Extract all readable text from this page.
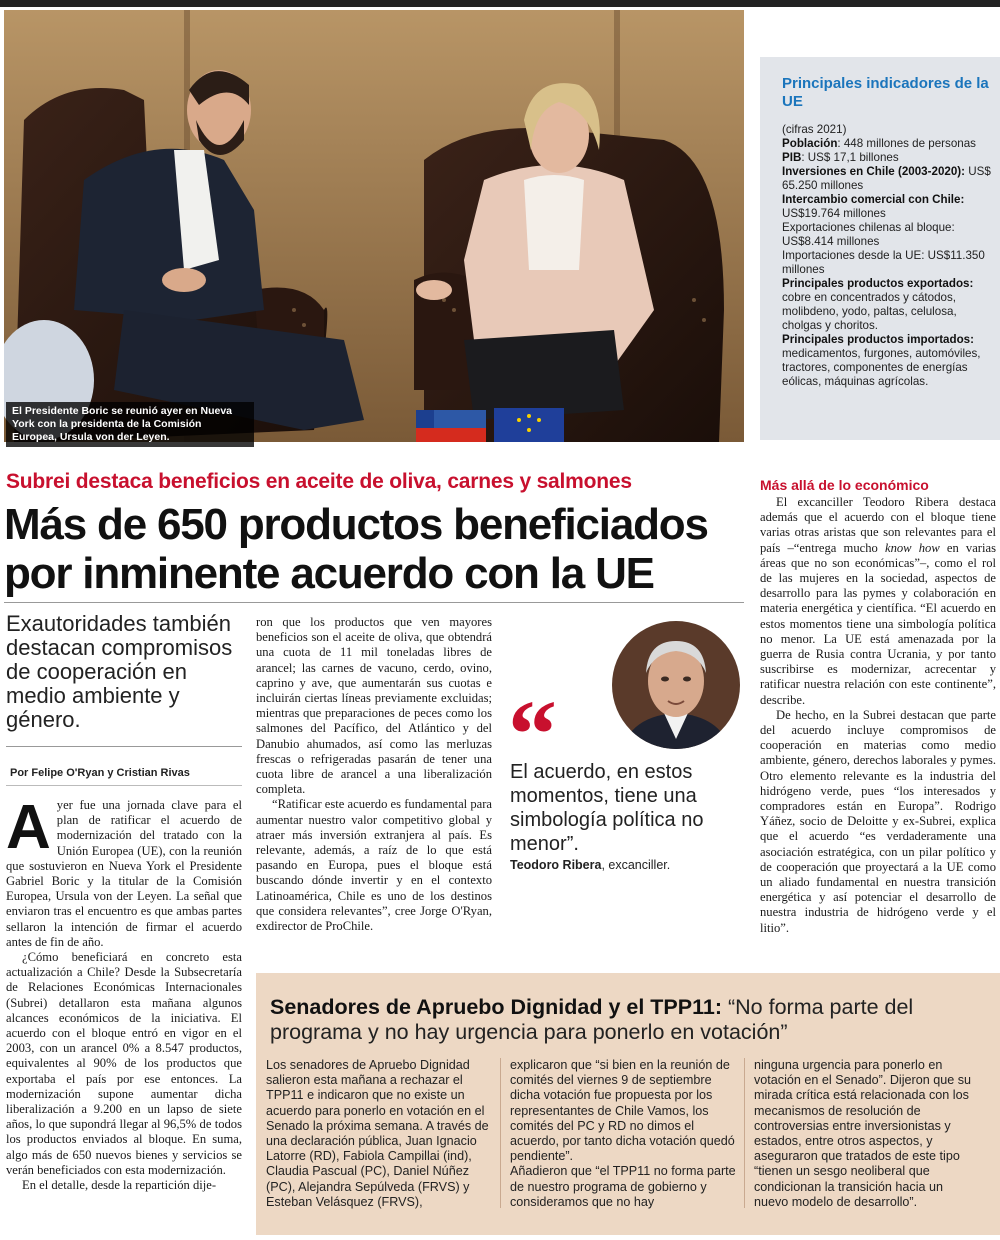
El Presidente Boric se reunió ayer en Nueva York con la presidenta de la Comisión Europea, Ursula von der Leyen.
Principales indicadores de la UE
(cifras 2021)
Población: 448 millones de personas
PIB: US$ 17,1 billones
Inversiones en Chile (2003-2020): US$ 65.250 millones
Intercambio comercial con Chile: US$19.764 millones
Exportaciones chilenas al bloque: US$8.414 millones
Importaciones desde la UE: US$11.350 millones
Principales productos exportados: cobre en concentrados y cátodos, molibdeno, yodo, paltas, celulosa, cholgas y choritos.
Principales productos importados: medicamentos, furgones, automóviles, tractores, componentes de energías eólicas, máquinas agrícolas.
Subrei destaca beneficios en aceite de oliva, carnes y salmones
Más de 650 productos beneficiados por inminente acuerdo con la UE
Exautoridades también destacan compromisos de cooperación en medio ambiente y género.
Por Felipe O'Ryan y Cristian Rivas
A yer fue una jornada clave para el plan de ratificar el acuerdo de modernización del tratado con la Unión Europea (UE), con la reunión que sostuvieron en Nueva York el Presidente Gabriel Boric y la titular de la Comisión Europea, Ursula von der Leyen. La señal que enviaron tras el encuentro es que ambas partes sellaron la intención de firmar el acuerdo antes de fin de año.

¿Cómo beneficiará en concreto esta actualización a Chile? Desde la Subsecretaría de Relaciones Económicas Internacionales (Subrei) detallaron esta mañana algunos alcances económicos de la iniciativa. El acuerdo con el bloque entró en vigor en el 2003, con un arancel 0% a 8.547 productos, equivalentes al 90% de los productos que exportaba el país por ese entonces. La modernización supone aumentar dicha liberalización a 9.200 en un lapso de siete años, lo que supondrá llegar al 96,5% de todos los productos enviados al bloque. En suma, algo más de 650 nuevos bienes y servicios se verán beneficiados con esta modernización.

En el detalle, desde la repartición dije-

ron que los productos que ven mayores beneficios son el aceite de oliva, que obtendrá una cuota de 11 mil toneladas libres de arancel; las carnes de vacuno, cerdo, ovino, caprino y ave, que aumentarán sus cuotas e incluirán ciertas líneas previamente excluidas; mientras que preparaciones de peces como los salmones del Pacífico, del Atlántico y del Danubio ahumados, así como las merluzas frescas o refrigeradas pasarán de tener una cuota libre de arancel a una liberalización completa.

“Ratificar este acuerdo es fundamental para aumentar nuestro valor competitivo global y atraer más inversión extranjera al país. Es relevante, además, a raíz de lo que está pasando en Europa, pues el bloque está buscando dónde invertir y en el contexto Latinoamérica, Chile es uno de los destinos que considera relevantes”, cree Jorge O'Ryan, exdirector de ProChile.

“
El acuerdo, en estos momentos, tiene una simbología política no menor”.
Teodoro Ribera, excanciller.
Más allá de lo económico

El excanciller Teodoro Ribera destaca además que el acuerdo con el bloque tiene varias otras aristas que son relevantes para el país –“entrega mucho know how en varias áreas que no son económicas”–, como el rol de las mujeres en la sociedad, aspectos de desarrollo para las pymes y colaboración en materia energética y científica. “El acuerdo en estos momentos tiene una simbología política no menor. La UE está amenazada por la guerra de Rusia contra Ucrania, y por tanto suscribirse es modernizar, acrecentar y ratificar nuestra relación con este continente”, describe.

De hecho, en la Subrei destacan que parte del acuerdo incluye compromisos de cooperación en materias como medio ambiente, género, derechos laborales y pymes. Otro elemento relevante es la industria del hidrógeno verde, pues “los interesados y compradores están en Europa”. Rodrigo Yáñez, socio de Deloitte y ex-Subrei, explica que el acuerdo “es verdaderamente una asociación estratégica, con un pilar político y de cooperación que proyectará a la UE como un aliado fundamental en nuestra transición energética y así potenciar el desarrollo de nuestra industria de hidrógeno verde y el litio”.

Senadores de Apruebo Dignidad y el TPP11: “No forma parte del programa y no hay urgencia para ponerlo en votación”

Los senadores de Apruebo Dignidad salieron esta mañana a rechazar el TPP11 e indicaron que no existe un acuerdo para ponerlo en votación en el Senado la próxima semana. A través de una declaración pública, Juan Ignacio Latorre (RD), Fabiola Campillai (ind), Claudia Pascual (PC), Daniel Núñez (PC), Alejandra Sepúlveda (FRVS) y Esteban Velásquez (FRVS),

explicaron que “si bien en la reunión de comités del viernes 9 de septiembre dicha votación fue propuesta por los representantes de Chile Vamos, los comités del PC y RD no dimos el acuerdo, por tanto dicha votación quedó pendiente”.

Añadieron que “el TPP11 no forma parte de nuestro programa de gobierno y consideramos que no hay

ninguna urgencia para ponerlo en votación en el Senado”. Dijeron que su mirada crítica está relacionada con los mecanismos de resolución de controversias entre inversionistas y estados, entre otros aspectos, y aseguraron que tratados de este tipo “tienen un sesgo neoliberal que condicionan la transición hacia un nuevo modelo de desarrollo”.
